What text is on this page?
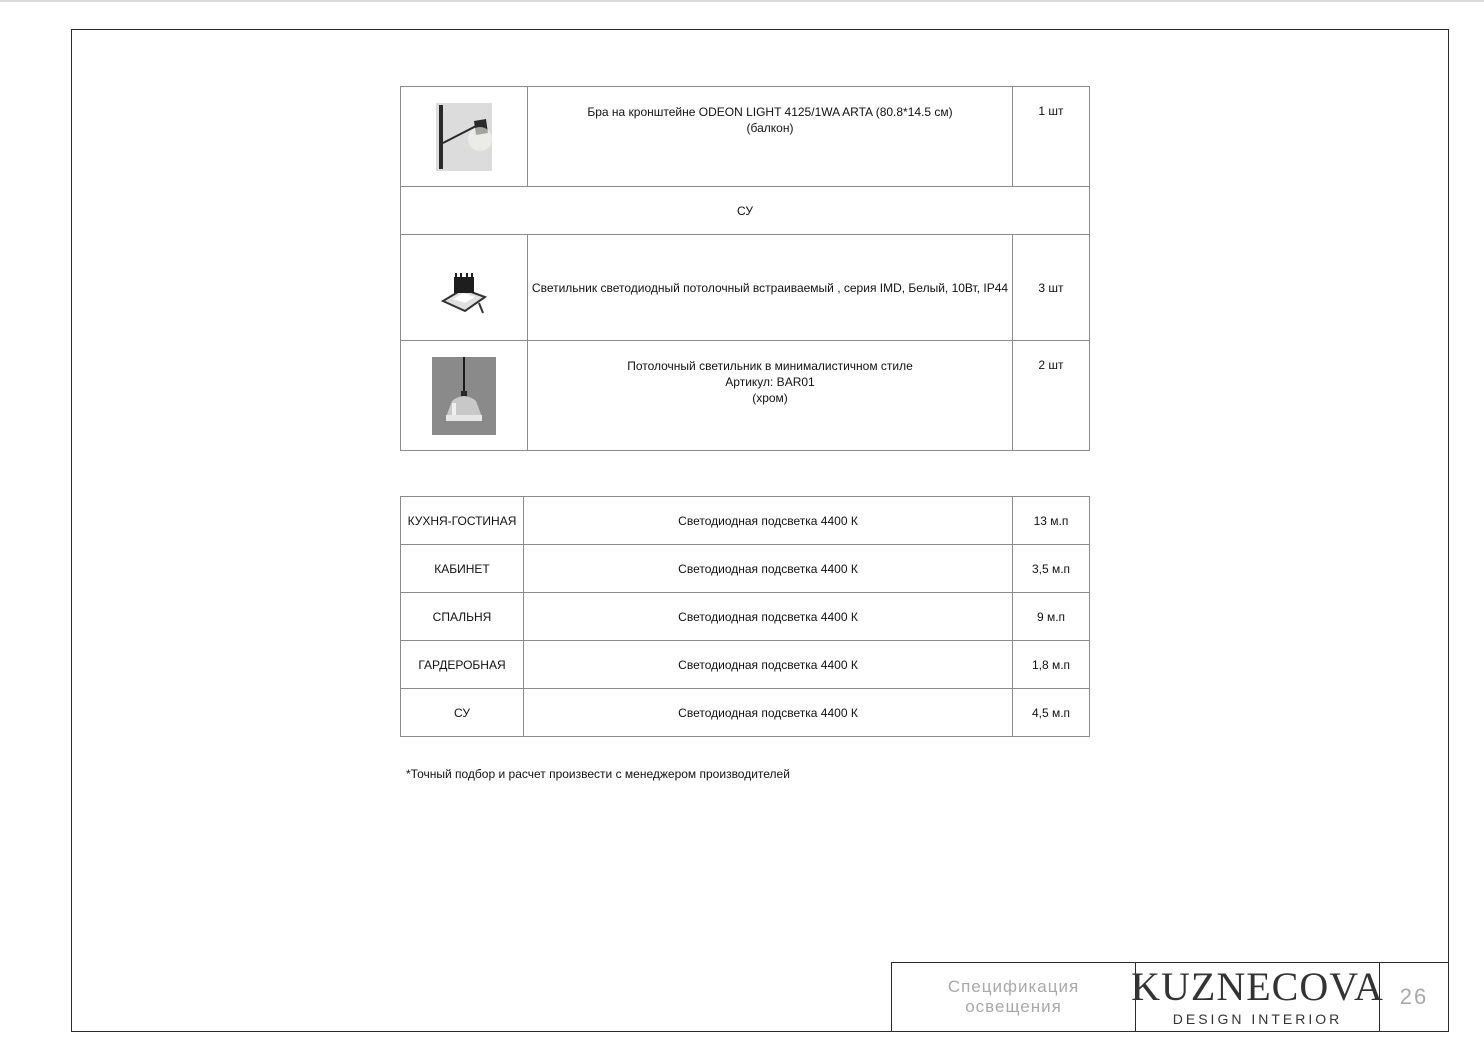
Бра на кронштейне ODEON LIGHT 4125/1WA ARTA (80.8*14.5 см)
(балкон)	1 шт
СУ		

Светильник светодиодный потолочный встраиваемый , серия IMD, Белый, 10Вт, IP44	3 шт

Потолочный светильник в минималистичном стиле
Артикул: BAR01
(хром)	2 шт
КУХНЯ-ГОСТИНАЯ	Светодиодная подсветка 4400 К	13 м.п
КАБИНЕТ	Светодиодная подсветка 4400 К	3,5 м.п
СПАЛЬНЯ	Светодиодная подсветка 4400 К	9 м.п
ГАРДЕРОБНАЯ	Светодиодная подсветка 4400 К	1,8 м.п
СУ	Светодиодная подсветка 4400 К	4,5 м.п
*Точный подбор и расчет произвести с менеджером производителей
Спецификация
освещения KUZNECOVA
DESIGN INTERIOR
26
